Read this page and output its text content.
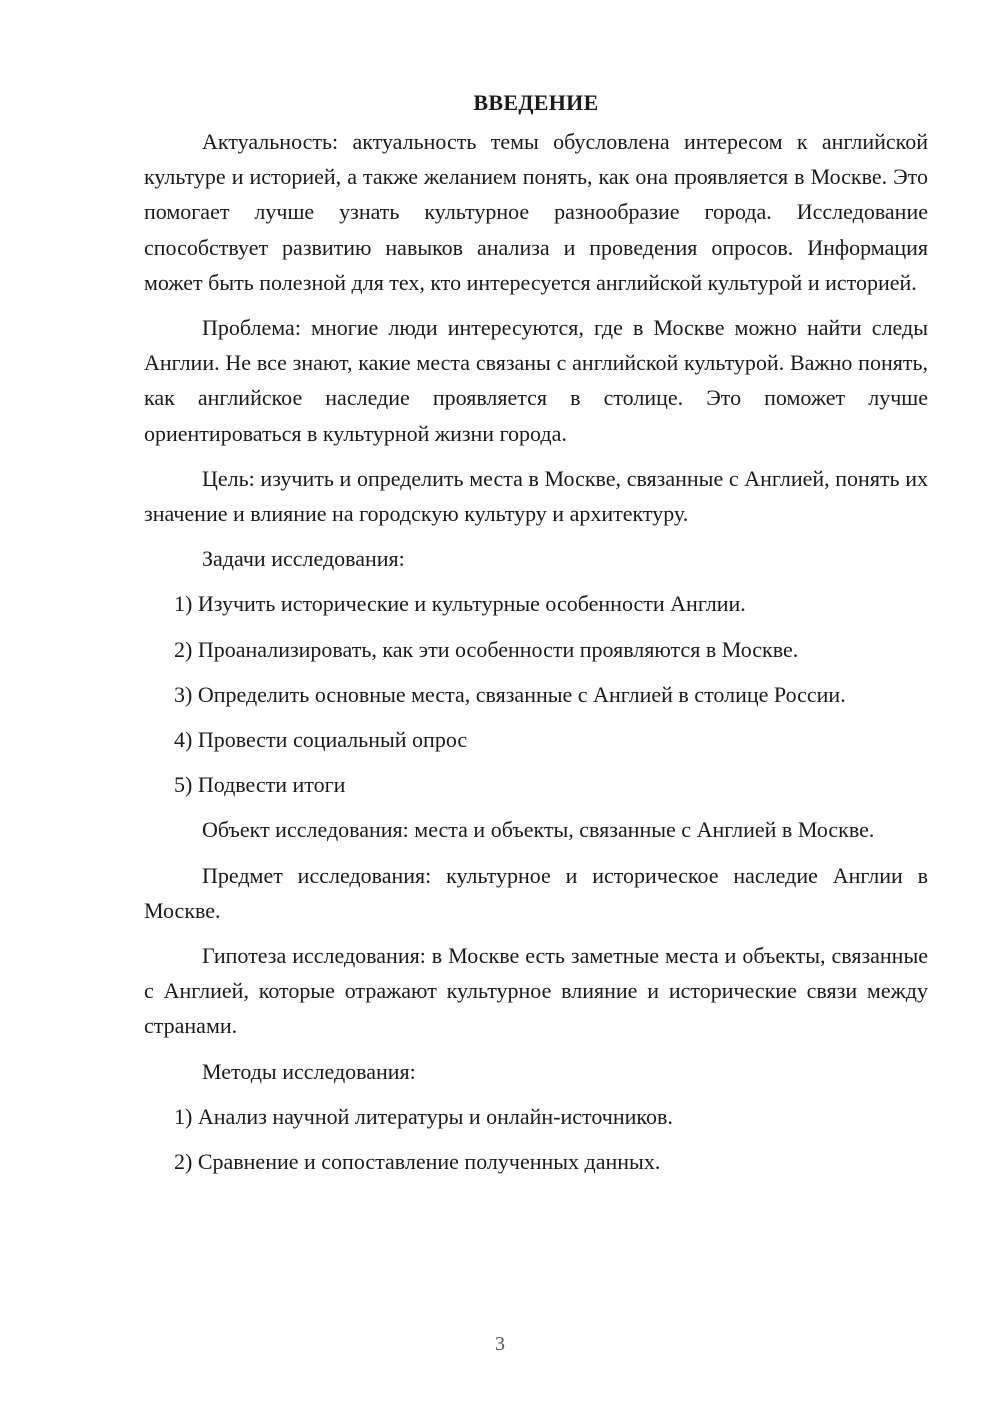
ВВЕДЕНИЕ

Актуальность: актуальность темы обусловлена интересом к английской культуре и историей, а также желанием понять, как она проявляется в Москве. Это помогает лучше узнать культурное разнообразие города. Исследование способствует развитию навыков анализа и проведения опросов. Информация может быть полезной для тех, кто интересуется английской культурой и историей.

Проблема: многие люди интересуются, где в Москве можно найти следы Англии. Не все знают, какие места связаны с английской культурой. Важно понять, как английское наследие проявляется в столице. Это поможет лучше ориентироваться в культурной жизни города.

Цель: изучить и определить места в Москве, связанные с Англией, понять их значение и влияние на городскую культуру и архитектуру.

Задачи исследования:

1) Изучить исторические и культурные особенности Англии.

2) Проанализировать, как эти особенности проявляются в Москве.

3) Определить основные места, связанные с Англией в столице России.

4) Провести социальный опрос

5) Подвести итоги

Объект исследования: места и объекты, связанные с Англией в Москве.

Предмет исследования: культурное и историческое наследие Англии в Москве.

Гипотеза исследования: в Москве есть заметные места и объекты, связанные с Англией, которые отражают культурное влияние и исторические связи между странами.

Методы исследования:

1) Анализ научной литературы и онлайн-источников.

2) Сравнение и сопоставление полученных данных.

3
